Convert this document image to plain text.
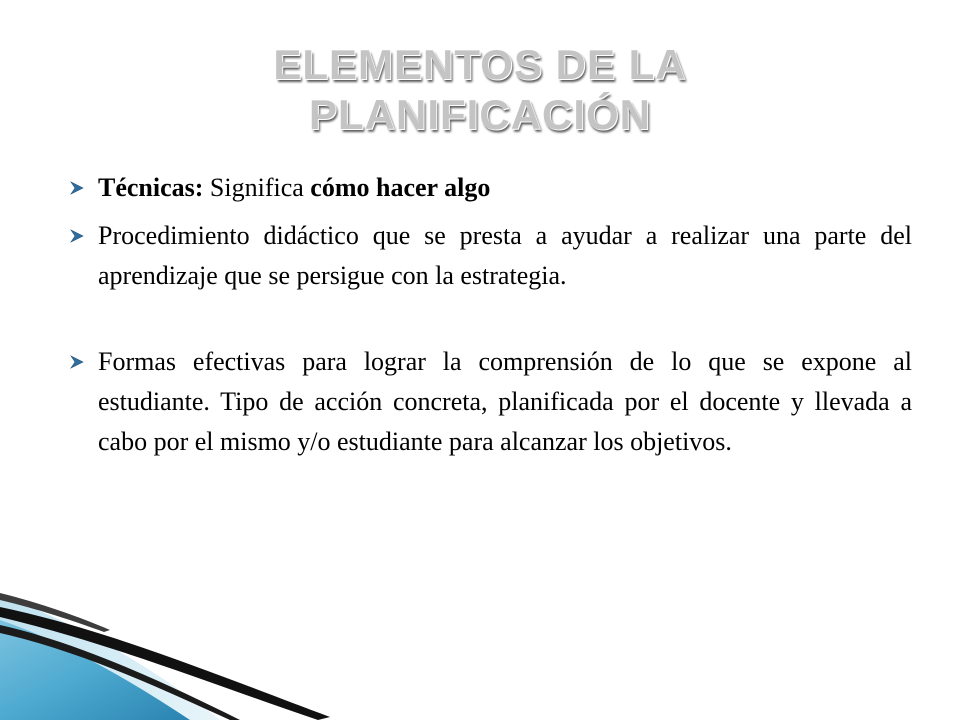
ELEMENTOS DE LA
PLANIFICACIÓN
Técnicas: Significa cómo hacer algo
Procedimiento didáctico que se presta a ayudar a realizar una parte del aprendizaje que se persigue con la estrategia.
Formas efectivas para lograr la comprensión de lo que se expone al estudiante. Tipo de acción concreta, planificada por el docente y llevada a cabo por el mismo y/o estudiante para alcanzar los objetivos.
